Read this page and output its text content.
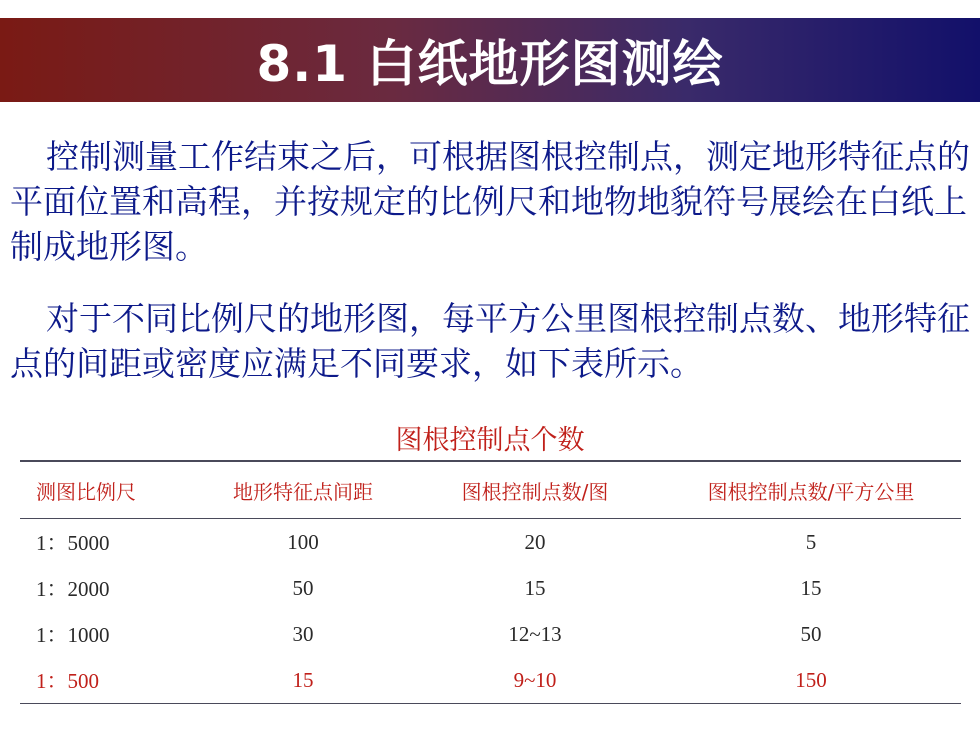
8.1 白纸地形图测绘
控制测量工作结束之后，可根据图根控制点，测定地形特征点的平面位置和高程，并按规定的比例尺和地物地貌符号展绘在白纸上制成地形图。
对于不同比例尺的地形图，每平方公里图根控制点数、地形特征点的间距或密度应满足不同要求，如下表所示。
图根控制点个数
测图比例尺	地形特征点间距	图根控制点数/图	图根控制点数/平方公里
1：5000	100	20	5
1：2000	50	15	15
1：1000	30	12~13	50
1：500	15	9~10	150
